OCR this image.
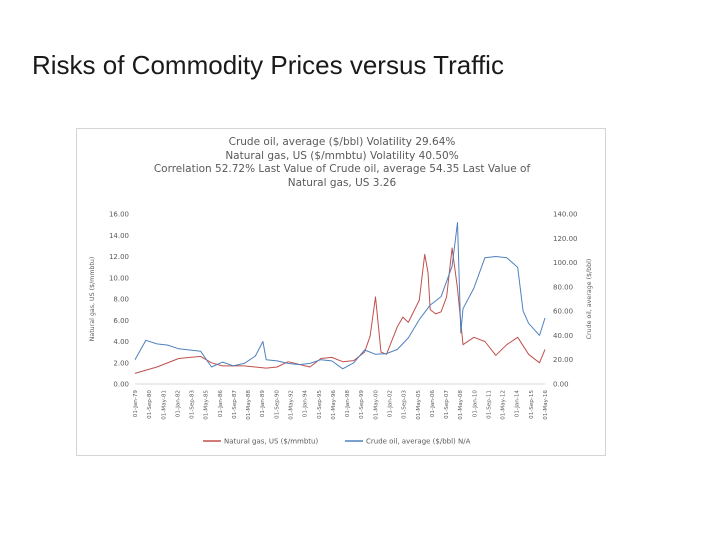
Risks of Commodity Prices versus Traffic
Crude oil, average ($/bbl) Volatility 29.64%
Natural gas, US ($/mmbtu) Volatility 40.50%
Correlation 52.72% Last Value of Crude oil, average 54.35 Last Value of
Natural gas, US 3.26
16.00
14.00
12.00
10.00
8.00
6.00
4.00
2.00
0.00
140.00
120.00
100.00
80.00
60.00
40.00
20.00
0.00
01-Jan-79 01-Sep-80 01-May-81 01-Jan-82 01-Sep-83 01-May-85 01-Jan-86 01-Sep-87 01-May-88 01-Jan-89 01-Sep-90 01-May-92 01-Jan-94 01-Sep-95 01-May-96 01-Jan-98 01-Sep-99 01-May-00 01-Jan-02 01-Sep-03 01-May-05 01-Jan-06 01-Sep-07 01-May-08 01-Jan-10 01-Sep-11 01-May-12 01-Jan-14 01-Sep-15 01-May-16
Natural gas, US ($/mmbtu)	Crude oil, average ($/bbl)
Natural gas, US ($/mmbtu)	Crude oil, average ($/bbl) N/A
